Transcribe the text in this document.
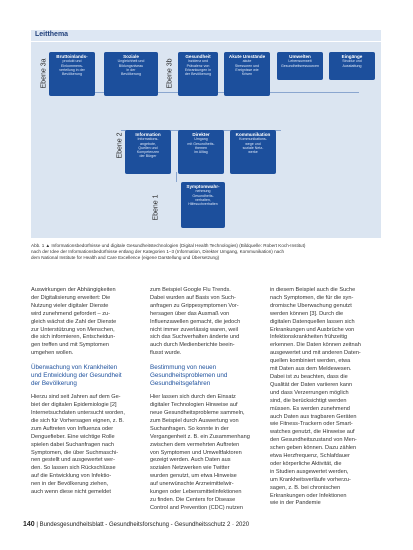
Leitthema
Ebene 3a	Ebene 3b
Ebene 2
Ebene 1
Bruttoinlands-
produkt und
Einkommens-
verteilung in der
Bevölkerung
Soziale
Ungleichheit und
Bildungsniveau
in der
Bevölkerung
Gesundheit
Inzidenz und
Prävalenz von
Erkrankungen in
der Bevölkerung
Akute Umstände
akute
Stressoren und
Ereignisse wie
Krisen
Umwelten
Lebensumwelt
Gesundheitsressourcen
Eingänge
Struktur und
Ausstattung
Information
Informations-
angebote,
Quellen und
Kompetenzen
der Bürger
Direkter
Umgang
mit Gesundheits-
themen
im Alltag
Kommunikation
Kommunikations-
wege und
soziale Netz-
werke
Symptomwahr-
nehmung
Gesundheits-
verhalten,
Hilfesuchverhalten
Abb. 1 ▲ Informationsbedürfnisse und digitale Gesundheitstechnologien (Digital Health Technologies) (Bildquelle: Robert Koch-Institut)
nach der Idee der Informationsbedürfnisse entlang der Kategorien 1–3 (Information, Direkter Umgang, Kommunikation) nach
dem National Institute for Health and Care Excellence (eigene Darstellung und Übersetzung)
Auswirkungen der Abhängigkeiten
der Digitalisierung erweitert: Die
Nutzung vieler digitaler Dienste
wird zunehmend gefordert – zu-
gleich wächst die Zahl der Dienste
zur Unterstützung von Menschen,
die sich informieren, Entscheidun-
gen treffen und mit Symptomen
umgehen wollen.
Überwachung von Krankheiten
und Entwicklung der Gesundheit
der Bevölkerung
Hierzu sind seit Jahren auf dem Ge-
biet der digitalen Epidemiologie [2]
Internetsuchdaten untersucht worden,
die sich für Vorhersagen eignen, z. B.
zum Auftreten von Influenza oder
Denguefieber. Eine wichtige Rolle
spielen dabei Suchanfragen nach
Symptomen, die über Suchmaschi-
nen gestellt und ausgewertet wer-
den. So lassen sich Rückschlüsse
auf die Entwicklung von Infektio-
nen in der Bevölkerung ziehen,
auch wenn diese nicht gemeldet
zum Beispiel Google Flu Trends.
Dabei wurden auf Basis von Such-
anfragen zu Grippesymptomen Vor-
hersagen über das Ausmaß von
Influenzawellen gemacht, die jedoch
nicht immer zuverlässig waren, weil
sich das Suchverhalten änderte und
auch durch Medienberichte beein-
flusst wurde.
Bestimmung von neuen
Gesundheitsproblemen und
Gesundheitsgefahren
Hier lassen sich durch den Einsatz
digitaler Technologien Hinweise auf
neue Gesundheitsprobleme sammeln,
zum Beispiel durch Auswertung von
Suchanfragen. So konnte in der
Vergangenheit z. B. ein Zusammenhang
zwischen dem vermehrten Auftreten
von Symptomen und Umweltfaktoren
gezeigt werden. Auch Daten aus
sozialen Netzwerken wie Twitter
wurden genutzt, um etwa Hinweise
auf unerwünschte Arzneimittelwir-
kungen oder Lebensmittelinfektionen
zu finden. Die Centers for Disease
Control and Prevention (CDC) nutzen
in diesem Beispiel auch die Suche
nach Symptomen, die für die syn-
dromische Überwachung genutzt
werden können [3]. Durch die
digitalen Datenquellen lassen sich
Erkrankungen und Ausbrüche von
Infektionskrankheiten frühzeitig
erkennen. Die Daten können zeitnah
ausgewertet und mit anderen Daten-
quellen kombiniert werden, etwa
mit Daten aus dem Meldewesen.
Dabei ist zu beachten, dass die
Qualität der Daten variieren kann
und dass Verzerrungen möglich
sind, die berücksichtigt werden
müssen. Es werden zunehmend
auch Daten aus tragbaren Geräten
wie Fitness-Trackern oder Smart-
watches genutzt, die Hinweise auf
den Gesundheitszustand von Men-
schen geben können. Dazu zählen
etwa Herzfrequenz, Schlafdauer
oder körperliche Aktivität, die
in Studien ausgewertet werden,
um Krankheitsverläufe vorherzu-
sagen, z. B. bei chronischen
Erkrankungen oder Infektionen
wie in der Pandemie
140 | Bundesgesundheitsblatt - Gesundheitsforschung - Gesundheitsschutz 2 · 2020
